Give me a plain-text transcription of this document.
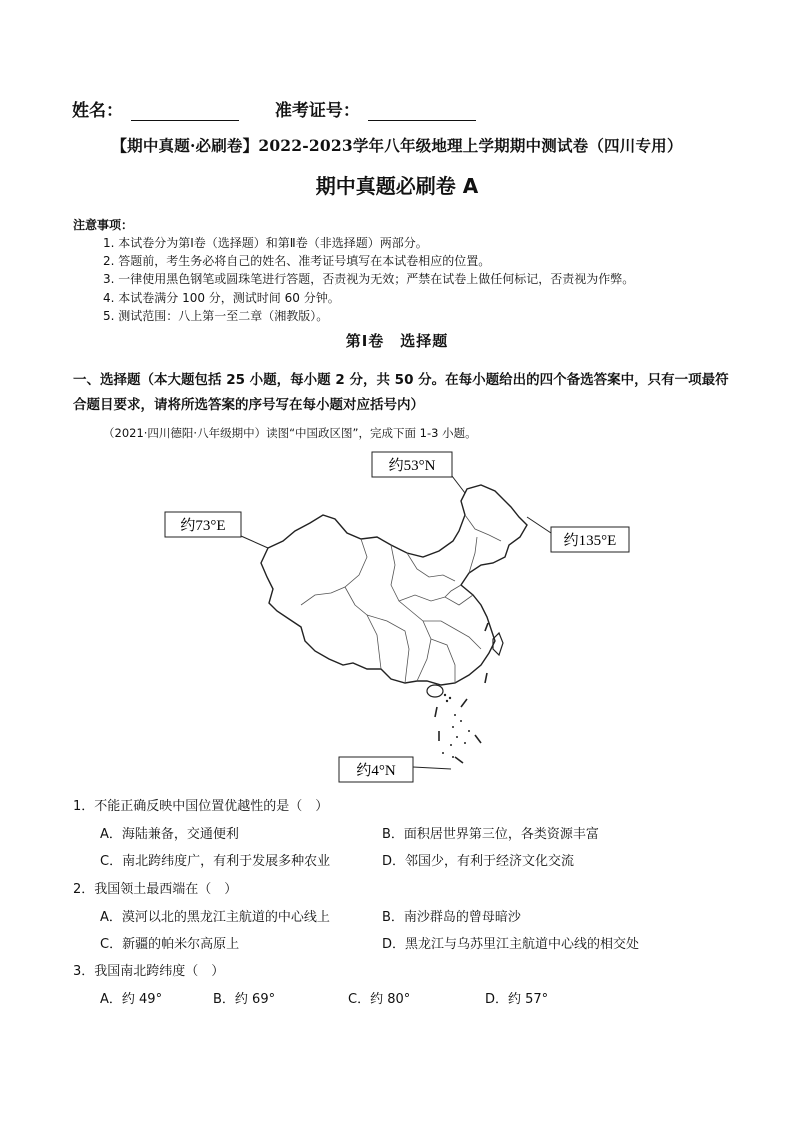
姓名：	准考证号：
【期中真题·必刷卷】2022-2023学年八年级地理上学期期中测试卷（四川专用）
期中真题必刷卷 A
注意事项：
1. 本试卷分为第Ⅰ卷（选择题）和第Ⅱ卷（非选择题）两部分。
2. 答题前，考生务必将自己的姓名、准考证号填写在本试卷相应的位置。
3. 一律使用黑色钢笔或圆珠笔进行答题，否责视为无效；严禁在试卷上做任何标记，否责视为作弊。
4. 本试卷满分 100 分，测试时间 60 分钟。
5. 测试范围：八上第一至二章（湘教版）。
第Ⅰ卷　选择题
一、选择题（本大题包括 25 小题，每小题 2 分，共 50 分。在每小题给出的四个备选答案中，只有一项最符合题目要求，请将所选答案的序号写在每小题对应括号内）
（2021·四川德阳·八年级期中）读图“中国政区图”，完成下面 1-3 小题。
约53°N
约73°E
约135°E
约4°N
1．不能正确反映中国位置优越性的是（　）
A．海陆兼备，交通便利	B．面积居世界第三位，各类资源丰富
C．南北跨纬度广，有利于发展多种农业	D．邻国少，有利于经济文化交流
2．我国领土最西端在（　）
A．漠河以北的黑龙江主航道的中心线上	B．南沙群岛的曾母暗沙
C．新疆的帕米尔高原上	D．黑龙江与乌苏里江主航道中心线的相交处
3．我国南北跨纬度（　）
A．约 49°	B．约 69°	C．约 80°	D．约 57°
